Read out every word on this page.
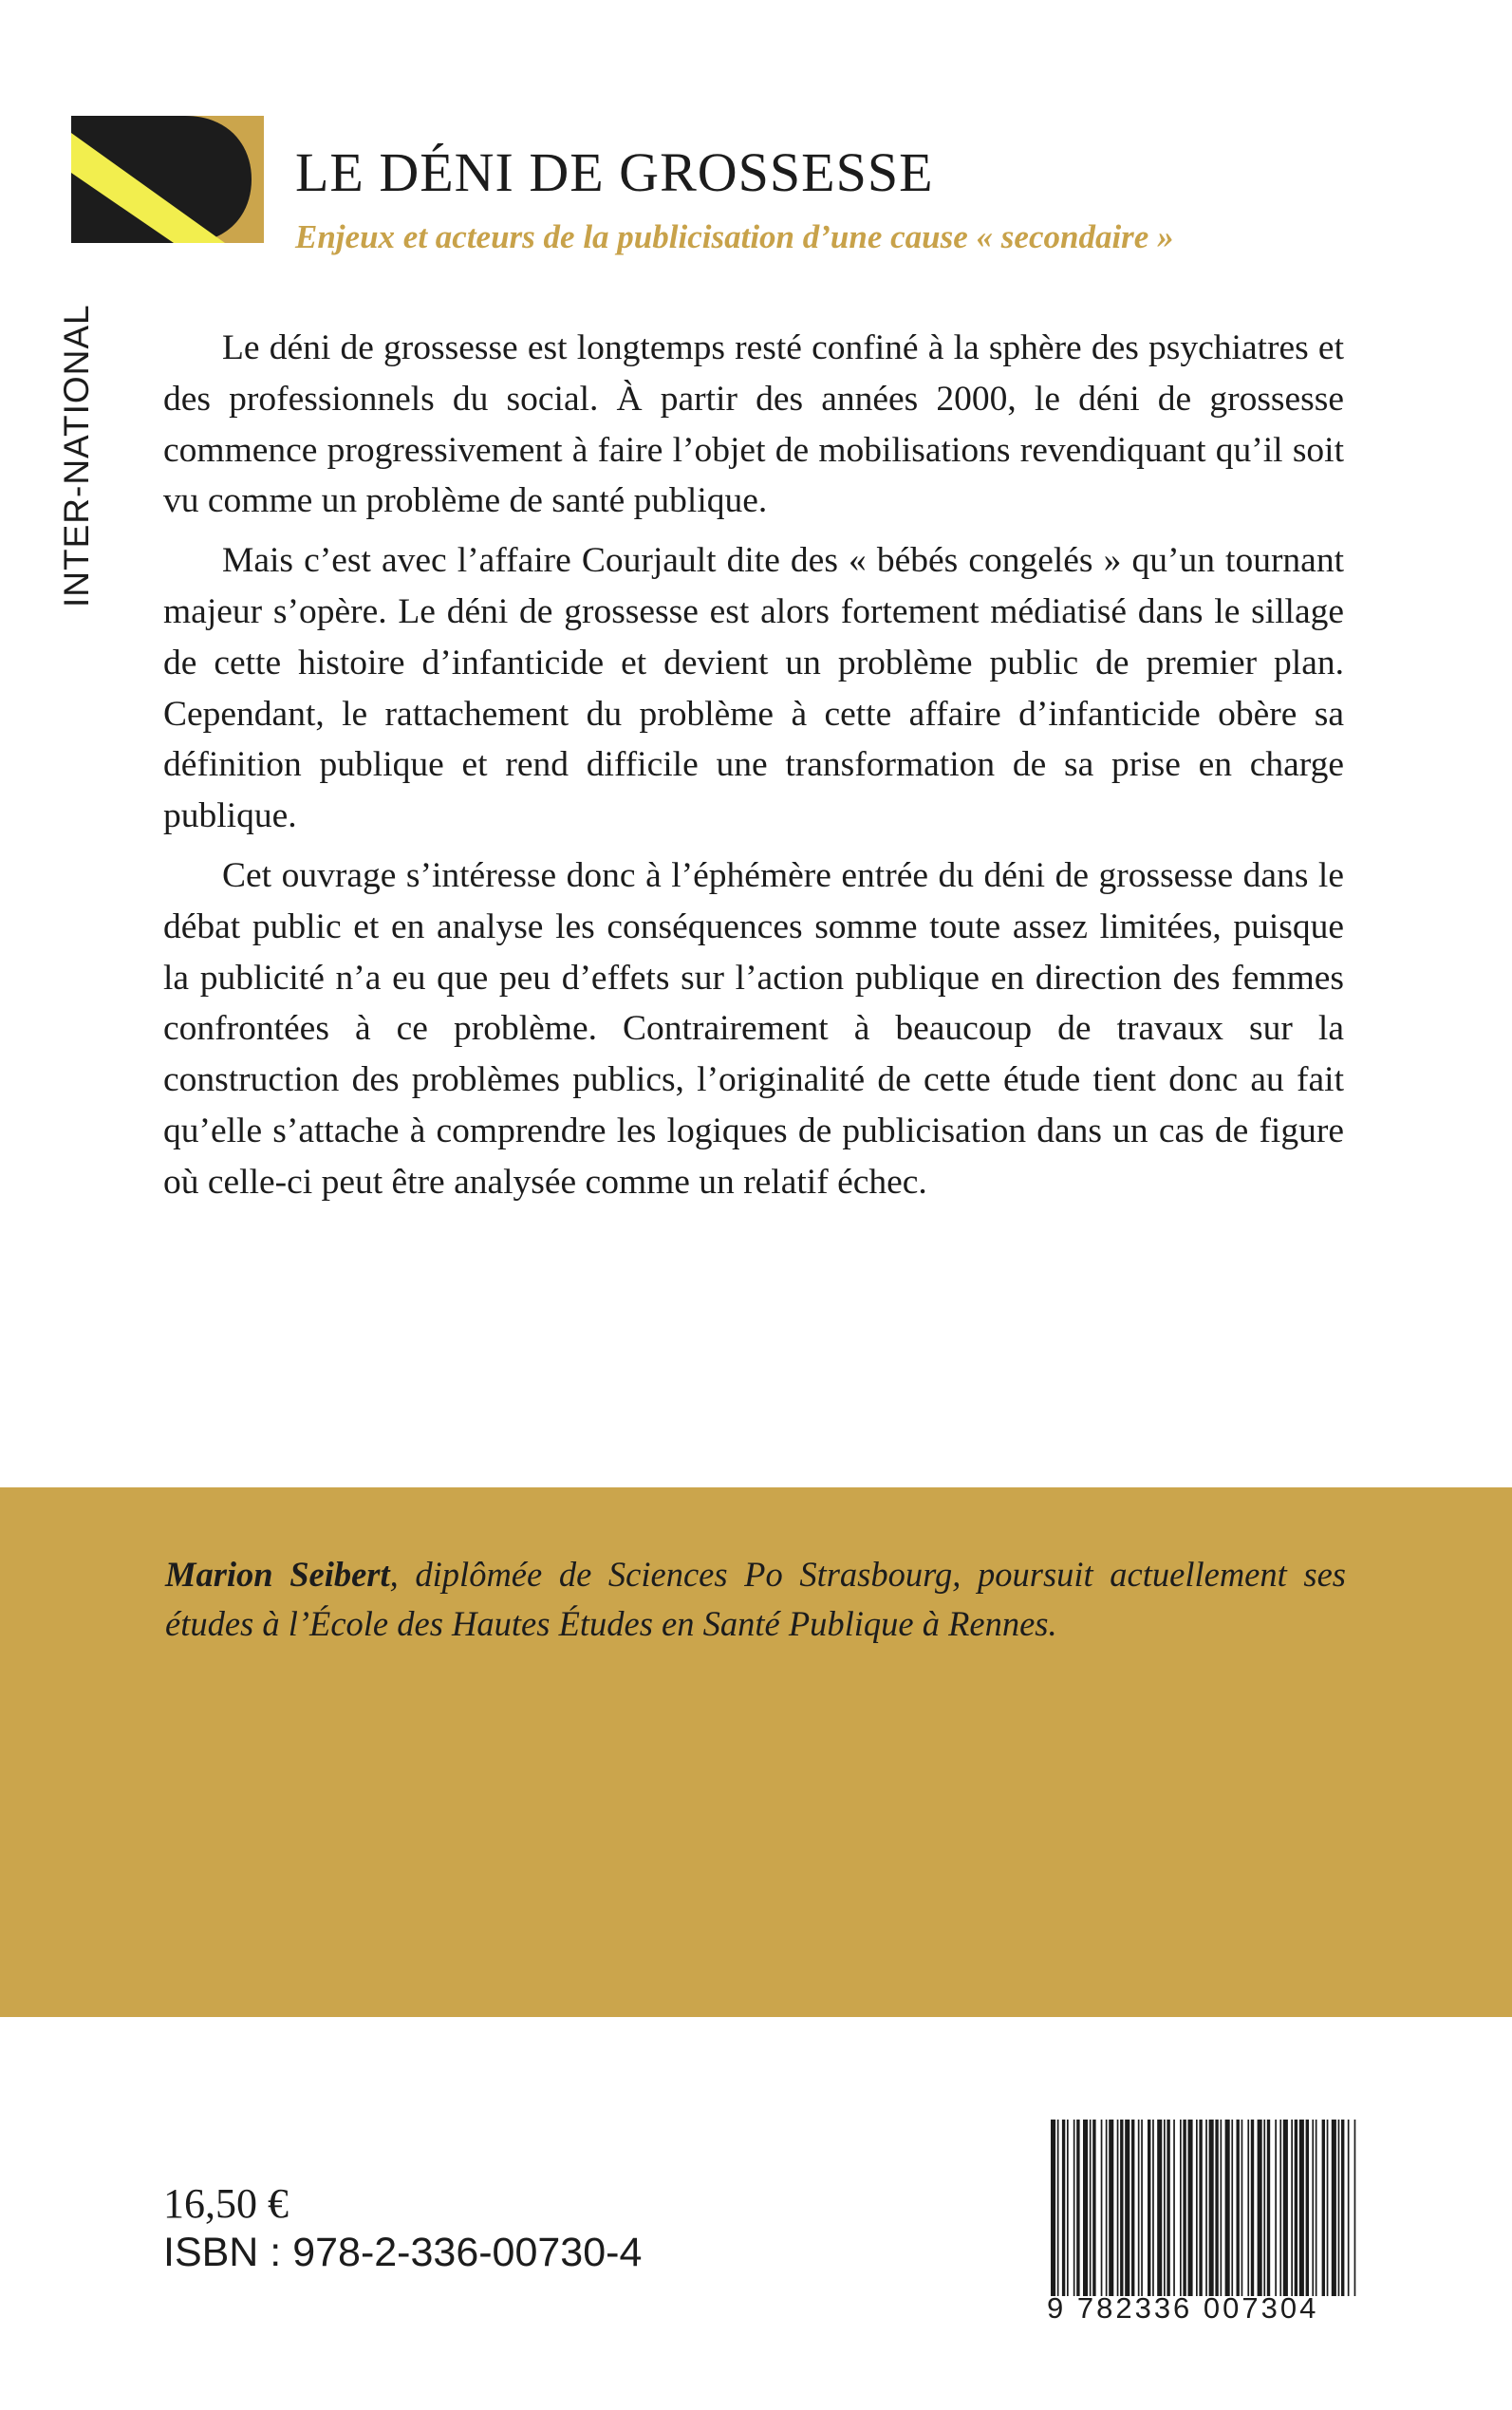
INTER-NATIONAL
LE DÉNI DE GROSSESSE
Enjeux et acteurs de la publicisation d’une cause « secondaire »

Le déni de grossesse est longtemps resté confiné à la sphère des psychiatres et des professionnels du social. À partir des années 2000, le déni de grossesse commence progressivement à faire l’objet de mobilisations revendiquant qu’il soit vu comme un problème de santé publique.

Mais c’est avec l’affaire Courjault dite des « bébés congelés » qu’un tournant majeur s’opère. Le déni de grossesse est alors fortement médiatisé dans le sillage de cette histoire d’infanticide et devient un problème public de premier plan. Cependant, le rattachement du problème à cette affaire d’infanticide obère sa définition publique et rend difficile une transformation de sa prise en charge publique.

Cet ouvrage s’intéresse donc à l’éphémère entrée du déni de grossesse dans le débat public et en analyse les conséquences somme toute assez limitées, puisque la publicité n’a eu que peu d’effets sur l’action publique en direction des femmes confrontées à ce problème. Contrairement à beaucoup de travaux sur la construction des problèmes publics, l’originalité de cette étude tient donc au fait qu’elle s’attache à comprendre les logiques de publicisation dans un cas de figure où celle-ci peut être analysée comme un relatif échec.

Marion Seibert, diplômée de Sciences Po Strasbourg, poursuit actuellement ses études à l’École des Hautes Études en Santé Publique à Rennes.
16,50 €
ISBN : 978-2-336-00730-4
9 782336 007304
